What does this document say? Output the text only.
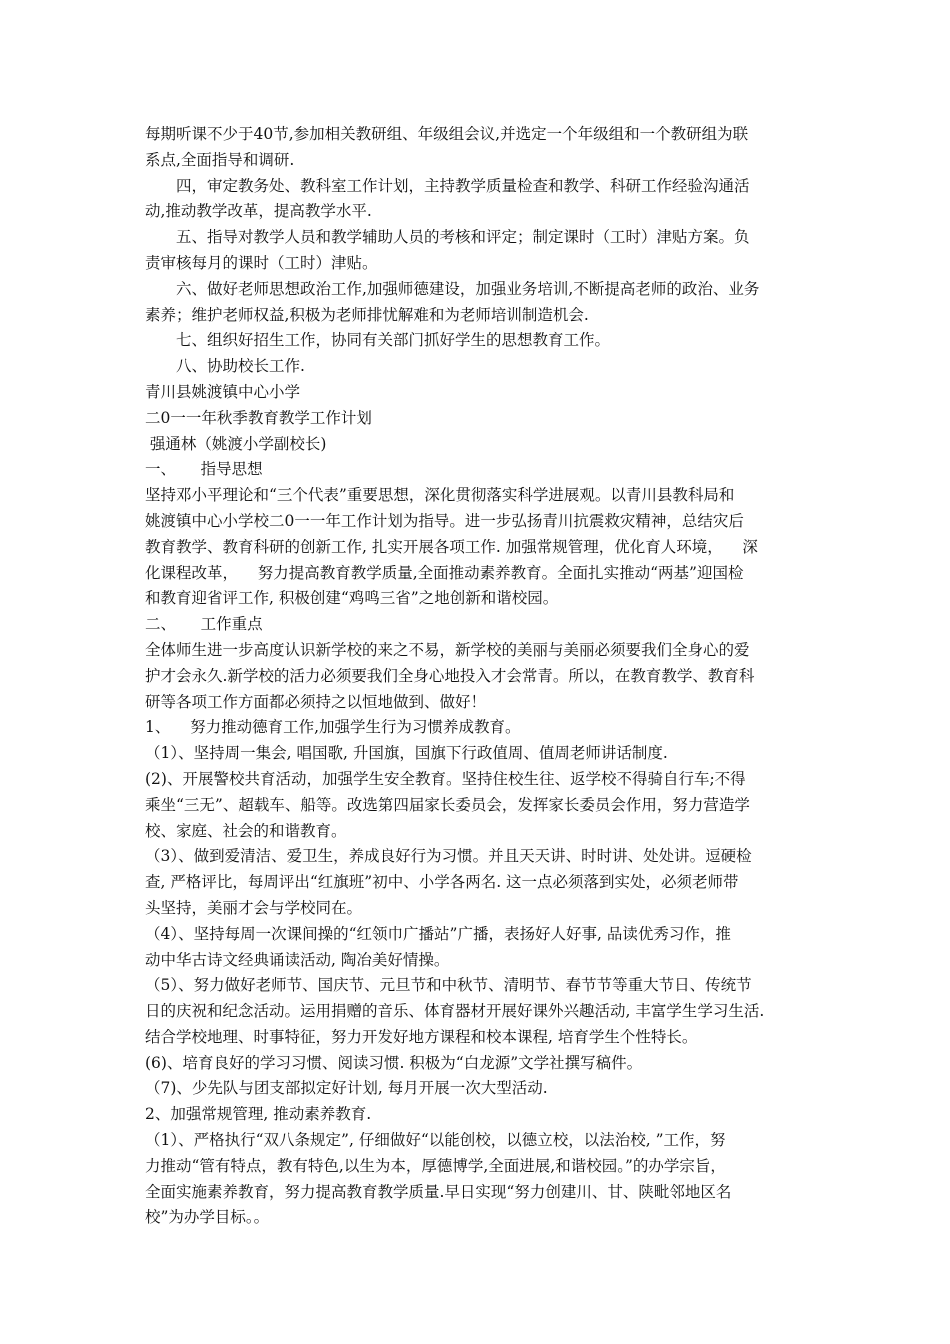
每期听课不少于40节,参加相关教研组、年级组会议,并选定一个年级组和一个教研组为联
系点,全面指导和调研.
四，审定教务处、教科室工作计划，主持教学质量检查和教学、科研工作经验沟通活
动,推动教学改革，提高教学水平.
五、指导对教学人员和教学辅助人员的考核和评定；制定课时（工时）津贴方案。负
责审核每月的课时（工时）津贴。
六、做好老师思想政治工作,加强师德建设，加强业务培训,不断提高老师的政治、业务
素养；维护老师权益,积极为老师排忧解难和为老师培训制造机会.
七、组织好招生工作，协同有关部门抓好学生的思想教育工作。
八、协助校长工作.
青川县姚渡镇中心小学
二0一一年秋季教育教学工作计划
强通林（姚渡小学副校长)
一、     指导思想
坚持邓小平理论和“三个代表”重要思想，深化贯彻落实科学进展观。以青川县教科局和
姚渡镇中心小学校二0一一年工作计划为指导。进一步弘扬青川抗震救灾精神，总结灾后
教育教学、教育科研的创新工作, 扎实开展各项工作. 加强常规管理，优化育人环境，    深
化课程改革，    努力提高教育教学质量,全面推动素养教育。全面扎实推动“两基”迎国检
和教育迎省评工作, 积极创建“鸡鸣三省”之地创新和谐校园。
二、     工作重点
全体师生进一步高度认识新学校的来之不易，新学校的美丽与美丽必须要我们全身心的爱
护才会永久.新学校的活力必须要我们全身心地投入才会常青。所以，在教育教学、教育科
研等各项工作方面都必须持之以恒地做到、做好！
1、    努力推动德育工作,加强学生行为习惯养成教育。
（1）、坚持周一集会, 唱国歌, 升国旗，国旗下行政值周、值周老师讲话制度.
(2)、开展警校共育活动，加强学生安全教育。坚持住校生往、返学校不得骑自行车;不得
乘坐“三无”、超载车、船等。改选第四届家长委员会，发挥家长委员会作用，努力营造学
校、家庭、社会的和谐教育。
（3）、做到爱清洁、爱卫生，养成良好行为习惯。并且天天讲、时时讲、处处讲。逗硬检
查, 严格评比，每周评出“红旗班”初中、小学各两名. 这一点必须落到实处，必须老师带
头坚持，美丽才会与学校同在。
（4）、坚持每周一次课间操的“红领巾广播站”广播，表扬好人好事, 品读优秀习作，推
动中华古诗文经典诵读活动, 陶冶美好情操。
（5）、努力做好老师节、国庆节、元旦节和中秋节、清明节、春节节等重大节日、传统节
日的庆祝和纪念活动。运用捐赠的音乐、体育器材开展好课外兴趣活动, 丰富学生学习生活.
结合学校地理、时事特征，努力开发好地方课程和校本课程, 培育学生个性特长。
(6)、培育良好的学习习惯、阅读习惯. 积极为“白龙源”文学社撰写稿件。
（7)、少先队与团支部拟定好计划, 每月开展一次大型活动.
2、加强常规管理, 推动素养教育.
（1）、严格执行“双八条规定”, 仔细做好“以能创校，以德立校，以法治校, ”工作，努
力推动“管有特点，教有特色,以生为本，厚德博学,全面进展,和谐校园。”的办学宗旨，
全面实施素养教育，努力提高教育教学质量.早日实现“努力创建川、甘、陕毗邻地区名
校”为办学目标。。
